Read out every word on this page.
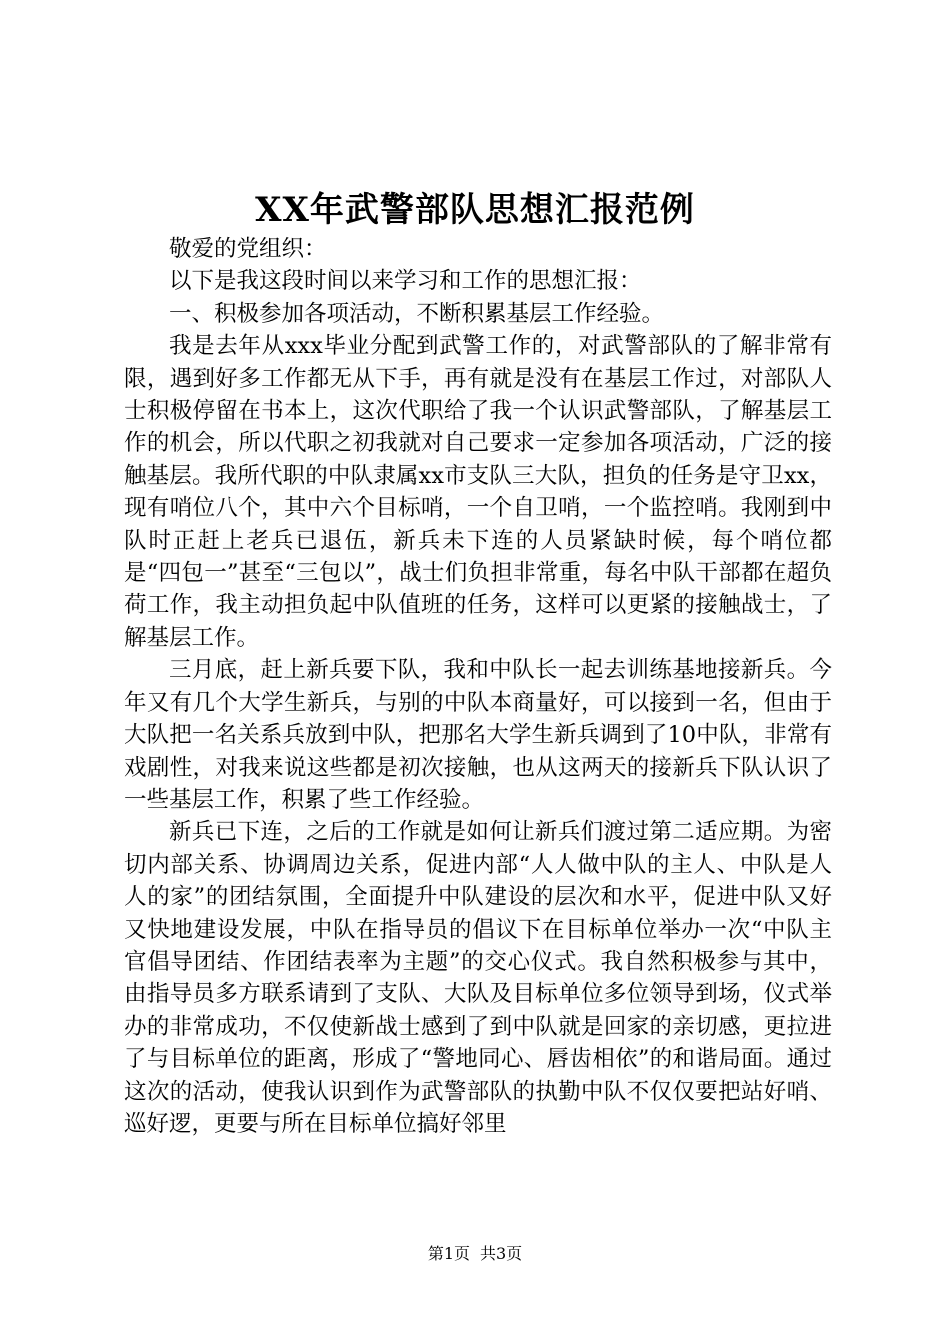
XX年武警部队思想汇报范例

敬爱的党组织：

以下是我这段时间以来学习和工作的思想汇报：

一、积极参加各项活动，不断积累基层工作经验。

我是去年从xxx毕业分配到武警工作的，对武警部队的了解非常有限，遇到好多工作都无从下手，再有就是没有在基层工作过，对部队人士积极停留在书本上，这次代职给了我一个认识武警部队，了解基层工作的机会，所以代职之初我就对自己要求一定参加各项活动，广泛的接触基层。我所代职的中队隶属xx市支队三大队，担负的任务是守卫xx，现有哨位八个，其中六个目标哨，一个自卫哨，一个监控哨。我刚到中队时正赶上老兵已退伍，新兵未下连的人员紧缺时候，每个哨位都是“四包一”甚至“三包以”，战士们负担非常重，每名中队干部都在超负荷工作，我主动担负起中队值班的任务，这样可以更紧的接触战士，了解基层工作。

三月底，赶上新兵要下队，我和中队长一起去训练基地接新兵。今年又有几个大学生新兵，与别的中队本商量好，可以接到一名，但由于大队把一名关系兵放到中队，把那名大学生新兵调到了10中队，非常有戏剧性，对我来说这些都是初次接触，也从这两天的接新兵下队认识了一些基层工作，积累了些工作经验。

新兵已下连，之后的工作就是如何让新兵们渡过第二适应期。为密切内部关系、协调周边关系，促进内部“人人做中队的主人、中队是人人的家”的团结氛围，全面提升中队建设的层次和水平，促进中队又好又快地建设发展，中队在指导员的倡议下在目标单位举办一次“中队主官倡导团结、作团结表率为主题”的交心仪式。我自然积极参与其中，由指导员多方联系请到了支队、大队及目标单位多位领导到场，仪式举办的非常成功，不仅使新战士感到了到中队就是回家的亲切感，更拉进了与目标单位的距离，形成了“警地同心、唇齿相依”的和谐局面。通过这次的活动，使我认识到作为武警部队的执勤中队不仅仅要把站好哨、巡好逻，更要与所在目标单位搞好邻里

第1页 共3页
